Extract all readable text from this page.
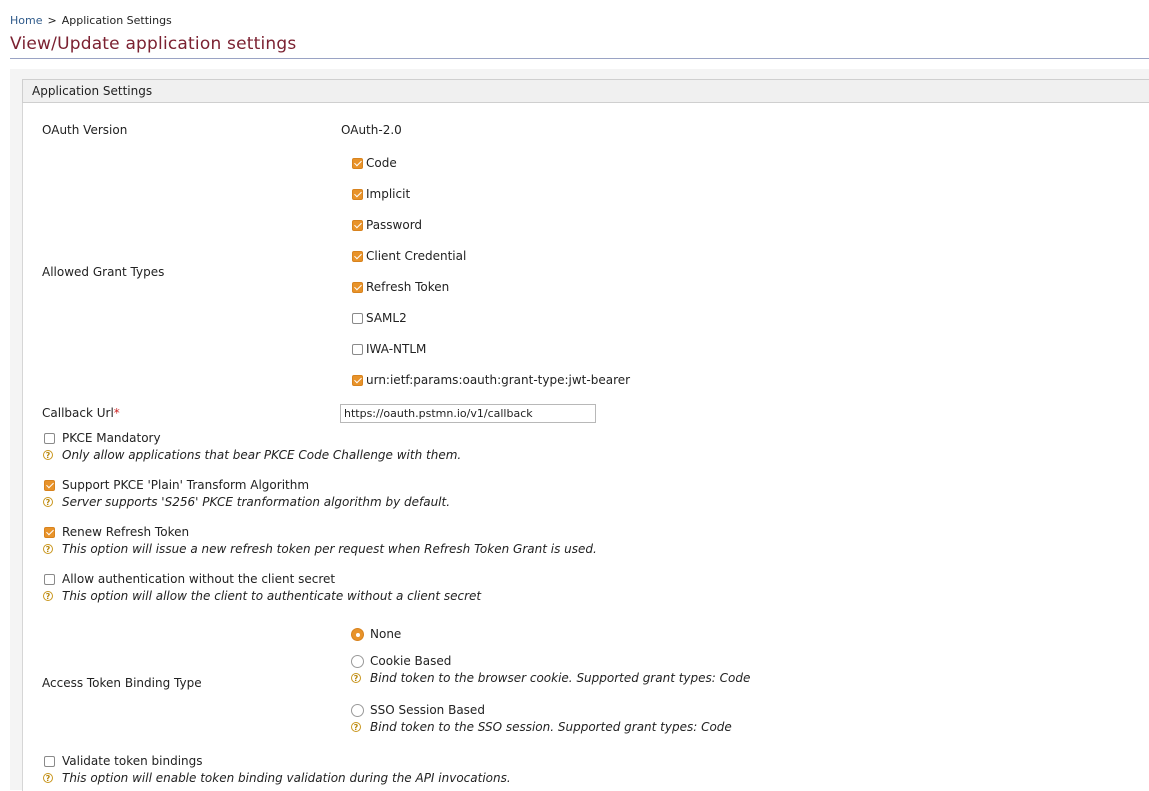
Home > Application Settings
View/Update application settings
Application Settings
OAuth Version	OAuth-2.0
Allowed Grant Types
Code
Implicit
Password
Client Credential
Refresh Token
SAML2
IWA-NTLM
urn:ietf:params:oauth:grant-type:jwt-bearer
Callback Url*	https://oauth.pstmn.io/v1/callback
PKCE Mandatory
? Only allow applications that bear PKCE Code Challenge with them.
Support PKCE 'Plain' Transform Algorithm
? Server supports 'S256' PKCE tranformation algorithm by default.
Renew Refresh Token
? This option will issue a new refresh token per request when Refresh Token Grant is used.
Allow authentication without the client secret
? This option will allow the client to authenticate without a client secret
Access Token Binding Type
None
Cookie Based
? Bind token to the browser cookie. Supported grant types: Code
SSO Session Based
? Bind token to the SSO session. Supported grant types: Code
Validate token bindings
? This option will enable token binding validation during the API invocations.
